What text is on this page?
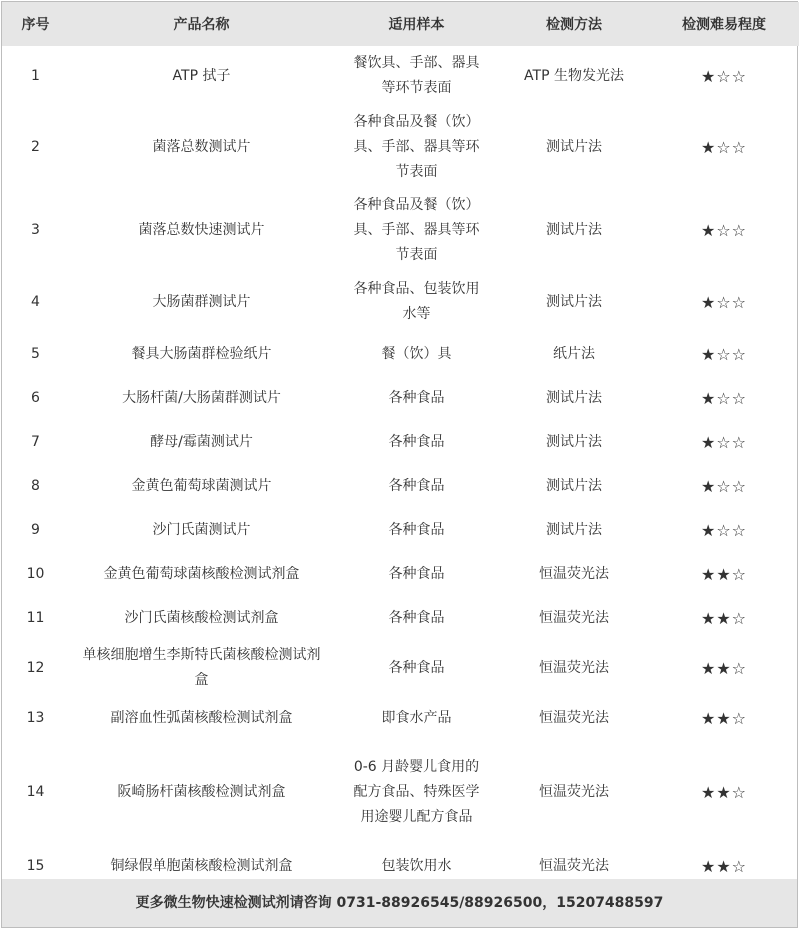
序号	产品名称	适用样本	检测方法	检测难易程度
1	ATP 拭子	餐饮具、手部、器具等环节表面	ATP 生物发光法	★☆☆
2	菌落总数测试片	各种食品及餐（饮）具、手部、器具等环节表面	测试片法	★☆☆
3	菌落总数快速测试片	各种食品及餐（饮）具、手部、器具等环节表面	测试片法	★☆☆
4	大肠菌群测试片	各种食品、包装饮用水等	测试片法	★☆☆
5	餐具大肠菌群检验纸片	餐（饮）具	纸片法	★☆☆
6	大肠杆菌/大肠菌群测试片	各种食品	测试片法	★☆☆
7	酵母/霉菌测试片	各种食品	测试片法	★☆☆
8	金黄色葡萄球菌测试片	各种食品	测试片法	★☆☆
9	沙门氏菌测试片	各种食品	测试片法	★☆☆
10	金黄色葡萄球菌核酸检测试剂盒	各种食品	恒温荧光法	★★☆
11	沙门氏菌核酸检测试剂盒	各种食品	恒温荧光法	★★☆
12	单核细胞增生李斯特氏菌核酸检测试剂盒	各种食品	恒温荧光法	★★☆
13	副溶血性弧菌核酸检测试剂盒	即食水产品	恒温荧光法	★★☆
14	阪崎肠杆菌核酸检测试剂盒	0-6 月龄婴儿食用的配方食品、特殊医学用途婴儿配方食品	恒温荧光法	★★☆
15	铜绿假单胞菌核酸检测试剂盒	包装饮用水	恒温荧光法	★★☆
更多微生物快速检测试剂请咨询 0731-88926545/88926500，15207488597
